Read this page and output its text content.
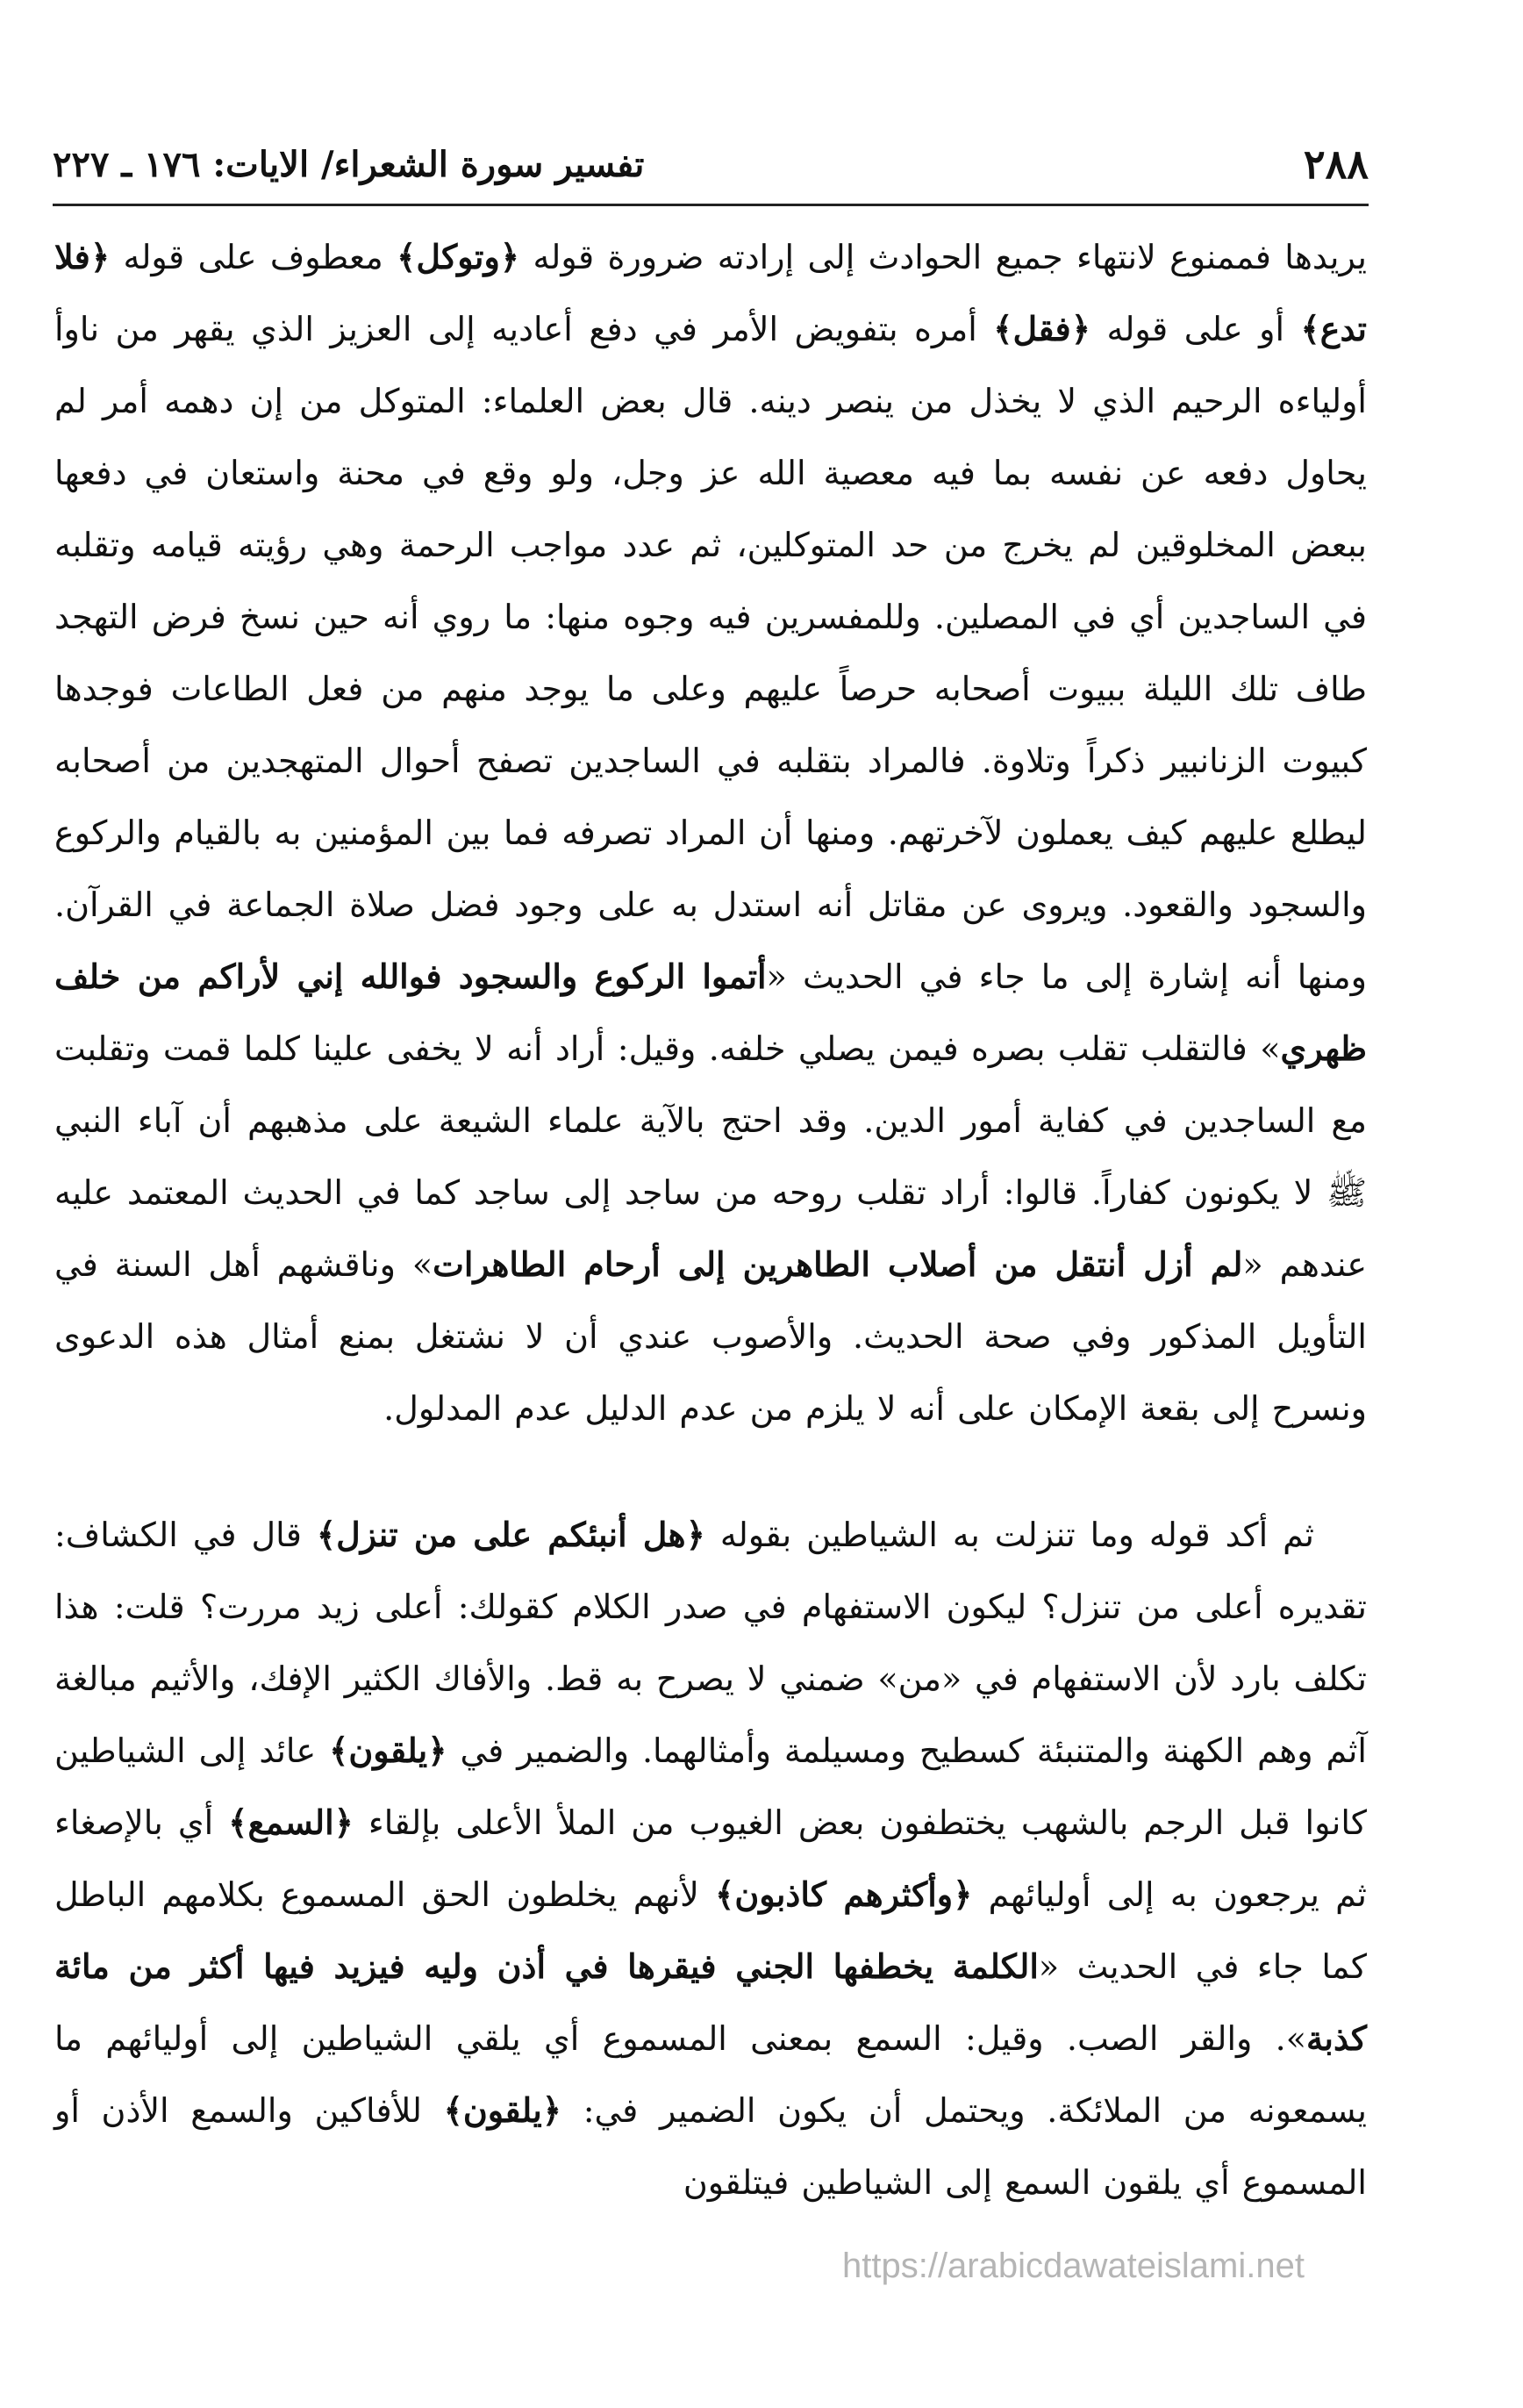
٢٨٨
تفسير سورة الشعراء/ الايات: ١٧٦ ـ ٢٢٧

يريدها فممنوع لانتهاء جميع الحوادث إلى إرادته ضرورة قوله ﴿وتوكل﴾ معطوف على قوله ﴿فلا تدع﴾ أو على قوله ﴿فقل﴾ أمره بتفويض الأمر في دفع أعاديه إلى العزيز الذي يقهر من ناوأ أولياءه الرحيم الذي لا يخذل من ينصر دينه. قال بعض العلماء: المتوكل من إن دهمه أمر لم يحاول دفعه عن نفسه بما فيه معصية الله عز وجل، ولو وقع في محنة واستعان في دفعها ببعض المخلوقين لم يخرج من حد المتوكلين، ثم عدد مواجب الرحمة وهي رؤيته قيامه وتقلبه في الساجدين أي في المصلين. وللمفسرين فيه وجوه منها: ما روي أنه حين نسخ فرض التهجد طاف تلك الليلة ببيوت أصحابه حرصاً عليهم وعلى ما يوجد منهم من فعل الطاعات فوجدها كبيوت الزنانبير ذكراً وتلاوة. فالمراد بتقلبه في الساجدين تصفح أحوال المتهجدين من أصحابه ليطلع عليهم كيف يعملون لآخرتهم. ومنها أن المراد تصرفه فما بين المؤمنين به بالقيام والركوع والسجود والقعود. ويروى عن مقاتل أنه استدل به على وجود فضل صلاة الجماعة في القرآن. ومنها أنه إشارة إلى ما جاء في الحديث «أتموا الركوع والسجود فوالله إني لأراكم من خلف ظهري» فالتقلب تقلب بصره فيمن يصلي خلفه. وقيل: أراد أنه لا يخفى علينا كلما قمت وتقلبت مع الساجدين في كفاية أمور الدين. وقد احتج بالآية علماء الشيعة على مذهبهم أن آباء النبي ﷺ لا يكونون كفاراً. قالوا: أراد تقلب روحه من ساجد إلى ساجد كما في الحديث المعتمد عليه عندهم «لم أزل أنتقل من أصلاب الطاهرين إلى أرحام الطاهرات» وناقشهم أهل السنة في التأويل المذكور وفي صحة الحديث. والأصوب عندي أن لا نشتغل بمنع أمثال هذه الدعوى ونسرح إلى بقعة الإمكان على أنه لا يلزم من عدم الدليل عدم المدلول.

ثم أكد قوله وما تنزلت به الشياطين بقوله ﴿هل أنبئكم على من تنزل﴾ قال في الكشاف: تقديره أعلى من تنزل؟ ليكون الاستفهام في صدر الكلام كقولك: أعلى زيد مررت؟ قلت: هذا تكلف بارد لأن الاستفهام في «من» ضمني لا يصرح به قط. والأفاك الكثير الإفك، والأثيم مبالغة آثم وهم الكهنة والمتنبئة كسطيح ومسيلمة وأمثالهما. والضمير في ﴿يلقون﴾ عائد إلى الشياطين كانوا قبل الرجم بالشهب يختطفون بعض الغيوب من الملأ الأعلى بإلقاء ﴿السمع﴾ أي بالإصغاء ثم يرجعون به إلى أوليائهم ﴿وأكثرهم كاذبون﴾ لأنهم يخلطون الحق المسموع بكلامهم الباطل كما جاء في الحديث «الكلمة يخطفها الجني فيقرها في أذن وليه فيزيد فيها أكثر من مائة كذبة». والقر الصب. وقيل: السمع بمعنى المسموع أي يلقي الشياطين إلى أوليائهم ما يسمعونه من الملائكة. ويحتمل أن يكون الضمير في: ﴿يلقون﴾ للأفاكين والسمع الأذن أو المسموع أي يلقون السمع إلى الشياطين فيتلقون

https://arabicdawateislami.net
